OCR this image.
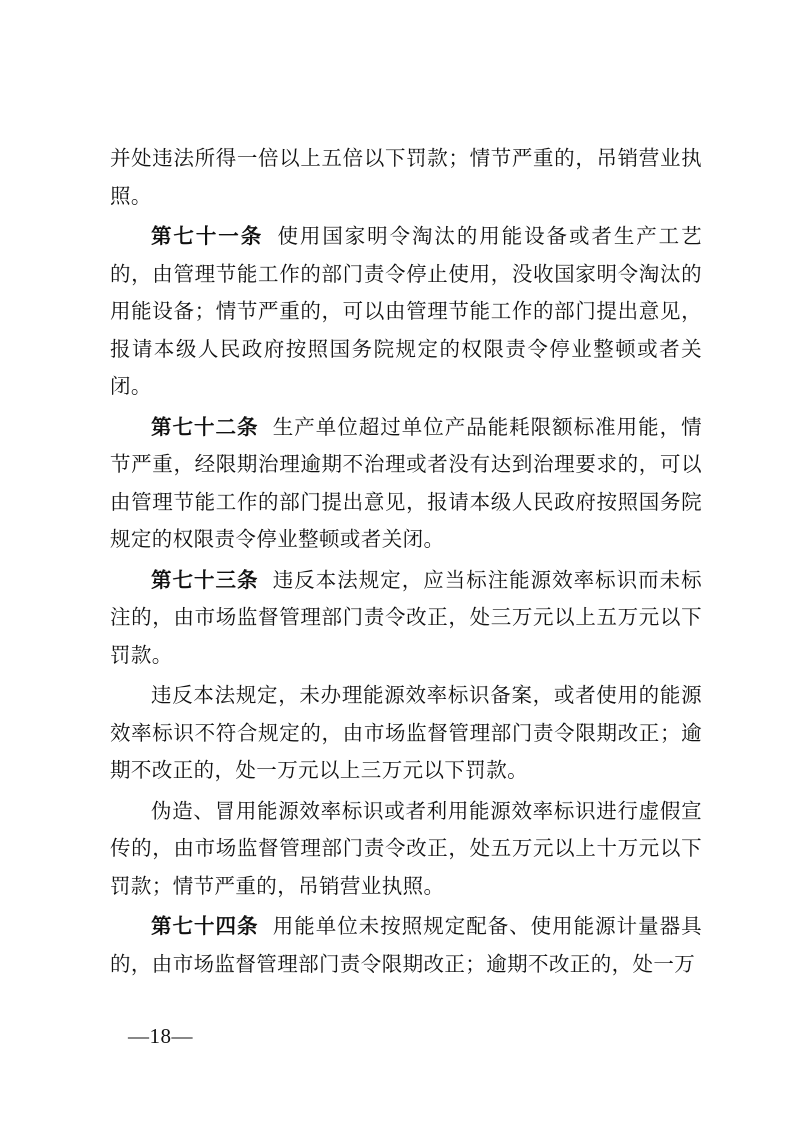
并处违法所得一倍以上五倍以下罚款；情节严重的，吊销营业执照。

第七十一条 使用国家明令淘汰的用能设备或者生产工艺的，由管理节能工作的部门责令停止使用，没收国家明令淘汰的用能设备；情节严重的，可以由管理节能工作的部门提出意见，报请本级人民政府按照国务院规定的权限责令停业整顿或者关闭。

第七十二条 生产单位超过单位产品能耗限额标准用能，情节严重，经限期治理逾期不治理或者没有达到治理要求的，可以由管理节能工作的部门提出意见，报请本级人民政府按照国务院规定的权限责令停业整顿或者关闭。

第七十三条 违反本法规定，应当标注能源效率标识而未标注的，由市场监督管理部门责令改正，处三万元以上五万元以下罚款。

违反本法规定，未办理能源效率标识备案，或者使用的能源效率标识不符合规定的，由市场监督管理部门责令限期改正；逾期不改正的，处一万元以上三万元以下罚款。

伪造、冒用能源效率标识或者利用能源效率标识进行虚假宣传的，由市场监督管理部门责令改正，处五万元以上十万元以下罚款；情节严重的，吊销营业执照。

第七十四条 用能单位未按照规定配备、使用能源计量器具的，由市场监督管理部门责令限期改正；逾期不改正的，处一万

—18—
